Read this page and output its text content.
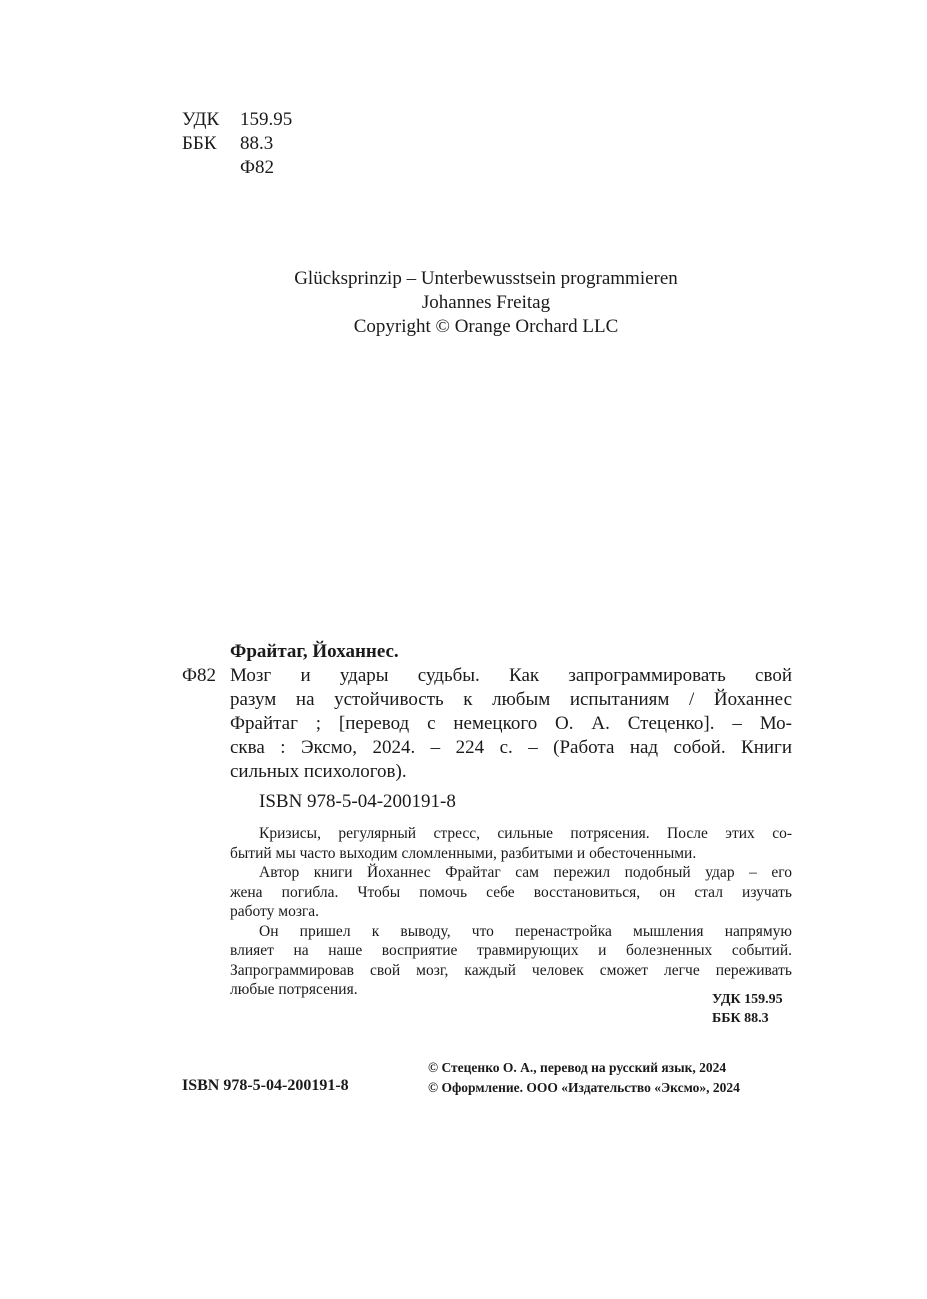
УДК	159.95
ББК	88.3
Ф82
Glücksprinzip – Unterbewusstsein programmieren
Johannes Freitag
Copyright © Orange Orchard LLC
Фрайтаг, Йоханнес.
Ф82 Мозг и удары судьбы. Как запрограммировать свой
разум на устойчивость к любым испытаниям / Йоханнес
Фрайтаг ; [перевод с немецкого О. А. Стеценко]. – Мо-
сква : Эксмо, 2024. – 224 с. – (Работа над собой. Книги
сильных психологов).
ISBN 978-5-04-200191-8
Кризисы, регулярный стресс, сильные потрясения. После этих со-
бытий мы часто выходим сломленными, разбитыми и обесточенными.
Автор книги Йоханнес Фрайтаг сам пережил подобный удар – его
жена погибла. Чтобы помочь себе восстановиться, он стал изучать
работу мозга.
Он пришел к выводу, что перенастройка мышления напрямую
влияет на наше восприятие травмирующих и болезненных событий.
Запрограммировав свой мозг, каждый человек сможет легче переживать
любые потрясения.
УДК 159.95
ББК 88.3
ISBN 978-5-04-200191-8
© Стеценко О. А., перевод на русский язык, 2024
© Оформление. ООО «Издательство «Эксмо», 2024
